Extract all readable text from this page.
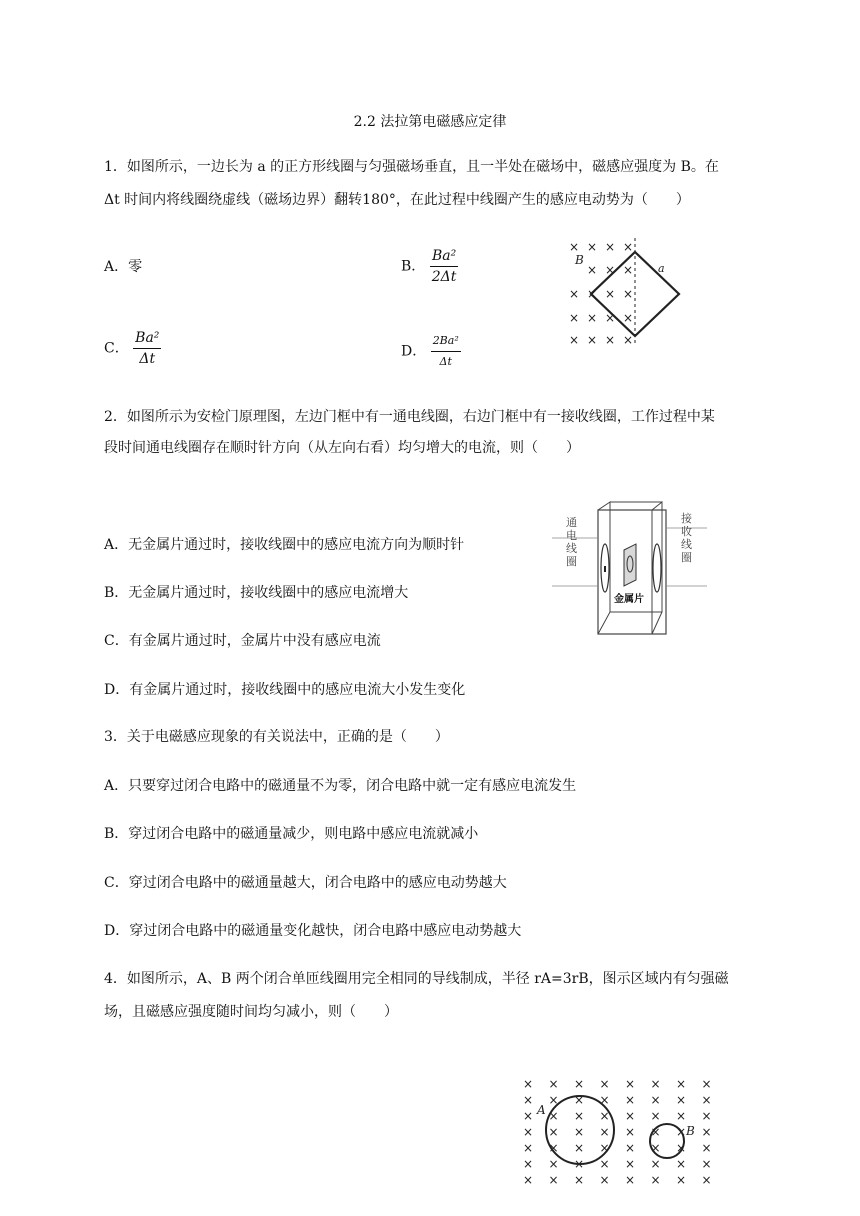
2.2 法拉第电磁感应定律
1．如图所示，一边长为 a 的正方形线圈与匀强磁场垂直，且一半处在磁场中，磁感应强度为 B。在
Δt 时间内将线圈绕虚线（磁场边界）翻转180°，在此过程中线圈产生的感应电动势为（　　）
A．零	B． $\frac{\text{Ba²}}{2\Delta t}$
C． $\frac{\text{Ba²}}{\Delta t}$	D． $\frac{\text{2Ba²}}{\Delta t}$
× × × ×
× × ×
× × × ×
× × × ×
× × × ×
B
a
2．如图所示为安检门原理图，左边门框中有一通电线圈，右边门框中有一接收线圈，工作过程中某
段时间通电线圈存在顺时针方向（从左向右看）均匀增大的电流，则（　　）
A．无金属片通过时，接收线圈中的感应电流方向为顺时针
B．无金属片通过时，接收线圈中的感应电流增大
C．有金属片通过时，金属片中没有感应电流
D．有金属片通过时，接收线圈中的感应电流大小发生变化
通电线圈
接收线圈
金属片
3．关于电磁感应现象的有关说法中，正确的是（　　）
A．只要穿过闭合电路中的磁通量不为零，闭合电路中就一定有感应电流发生
B．穿过闭合电路中的磁通量减少，则电路中感应电流就减小
C．穿过闭合电路中的磁通量越大，闭合电路中的感应电动势越大
D．穿过闭合电路中的磁通量变化越快，闭合电路中感应电动势越大
4．如图所示，A、B 两个闭合单匝线圈用完全相同的导线制成，半径 rA=3rB，图示区域内有匀强磁
场，且磁感应强度随时间均匀减小，则（　　）
× × × × × × × ×
× × × × × × × ×
× × × × × × × ×
× × × × × × × ×
× × × × × × × ×
× × × × × × × ×
× × × × × × × ×
A
B
